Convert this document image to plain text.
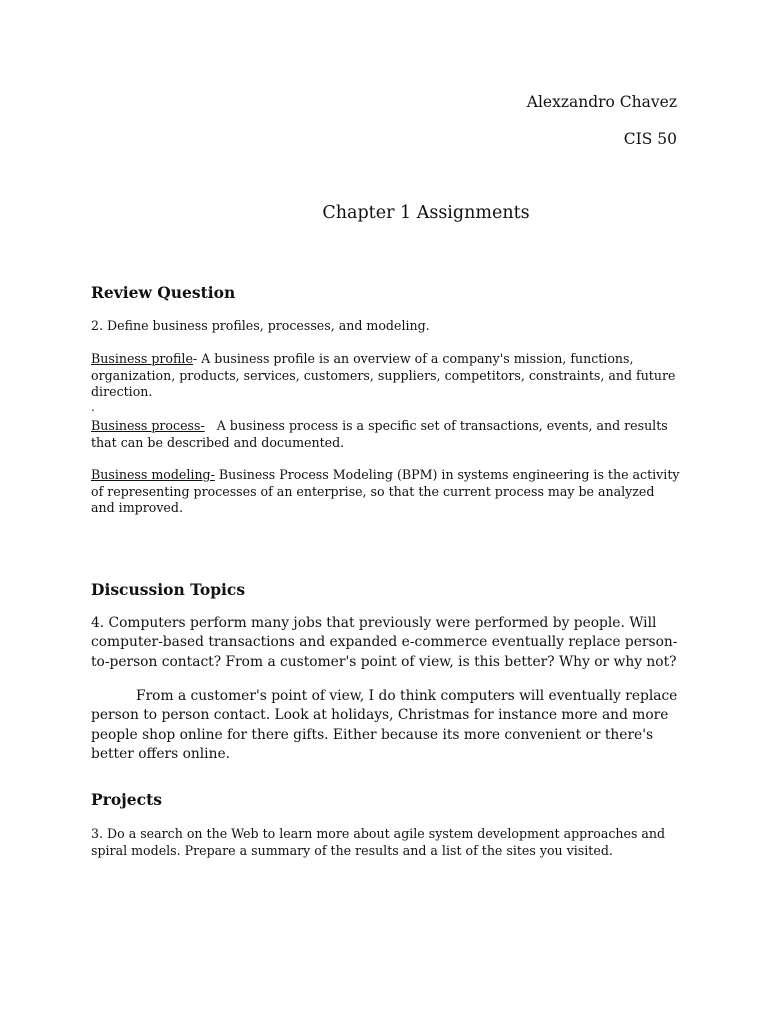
Alexzandro Chavez
CIS 50
Chapter 1 Assignments
Review Question
2. Define business profiles, processes, and modeling.
Business profile- A business profile is an overview of a company's mission, functions, organization, products, services, customers, suppliers, competitors, constraints, and future direction.
.
Business process-   A business process is a specific set of transactions, events, and results that can be described and documented.
Business modeling- Business Process Modeling (BPM) in systems engineering is the activity of representing processes of an enterprise, so that the current process may be analyzed and improved.
Discussion Topics
4. Computers perform many jobs that previously were performed by people. Will computer-based transactions and expanded e-commerce eventually replace person-to-person contact? From a customer's point of view, is this better? Why or why not?
From a customer's point of view, I do think computers will eventually replace person to person contact. Look at holidays, Christmas for instance more and more people shop online for there gifts. Either because its more convenient or there's better offers online.
Projects
3. Do a search on the Web to learn more about agile system development approaches and spiral models. Prepare a summary of the results and a list of the sites you visited.
